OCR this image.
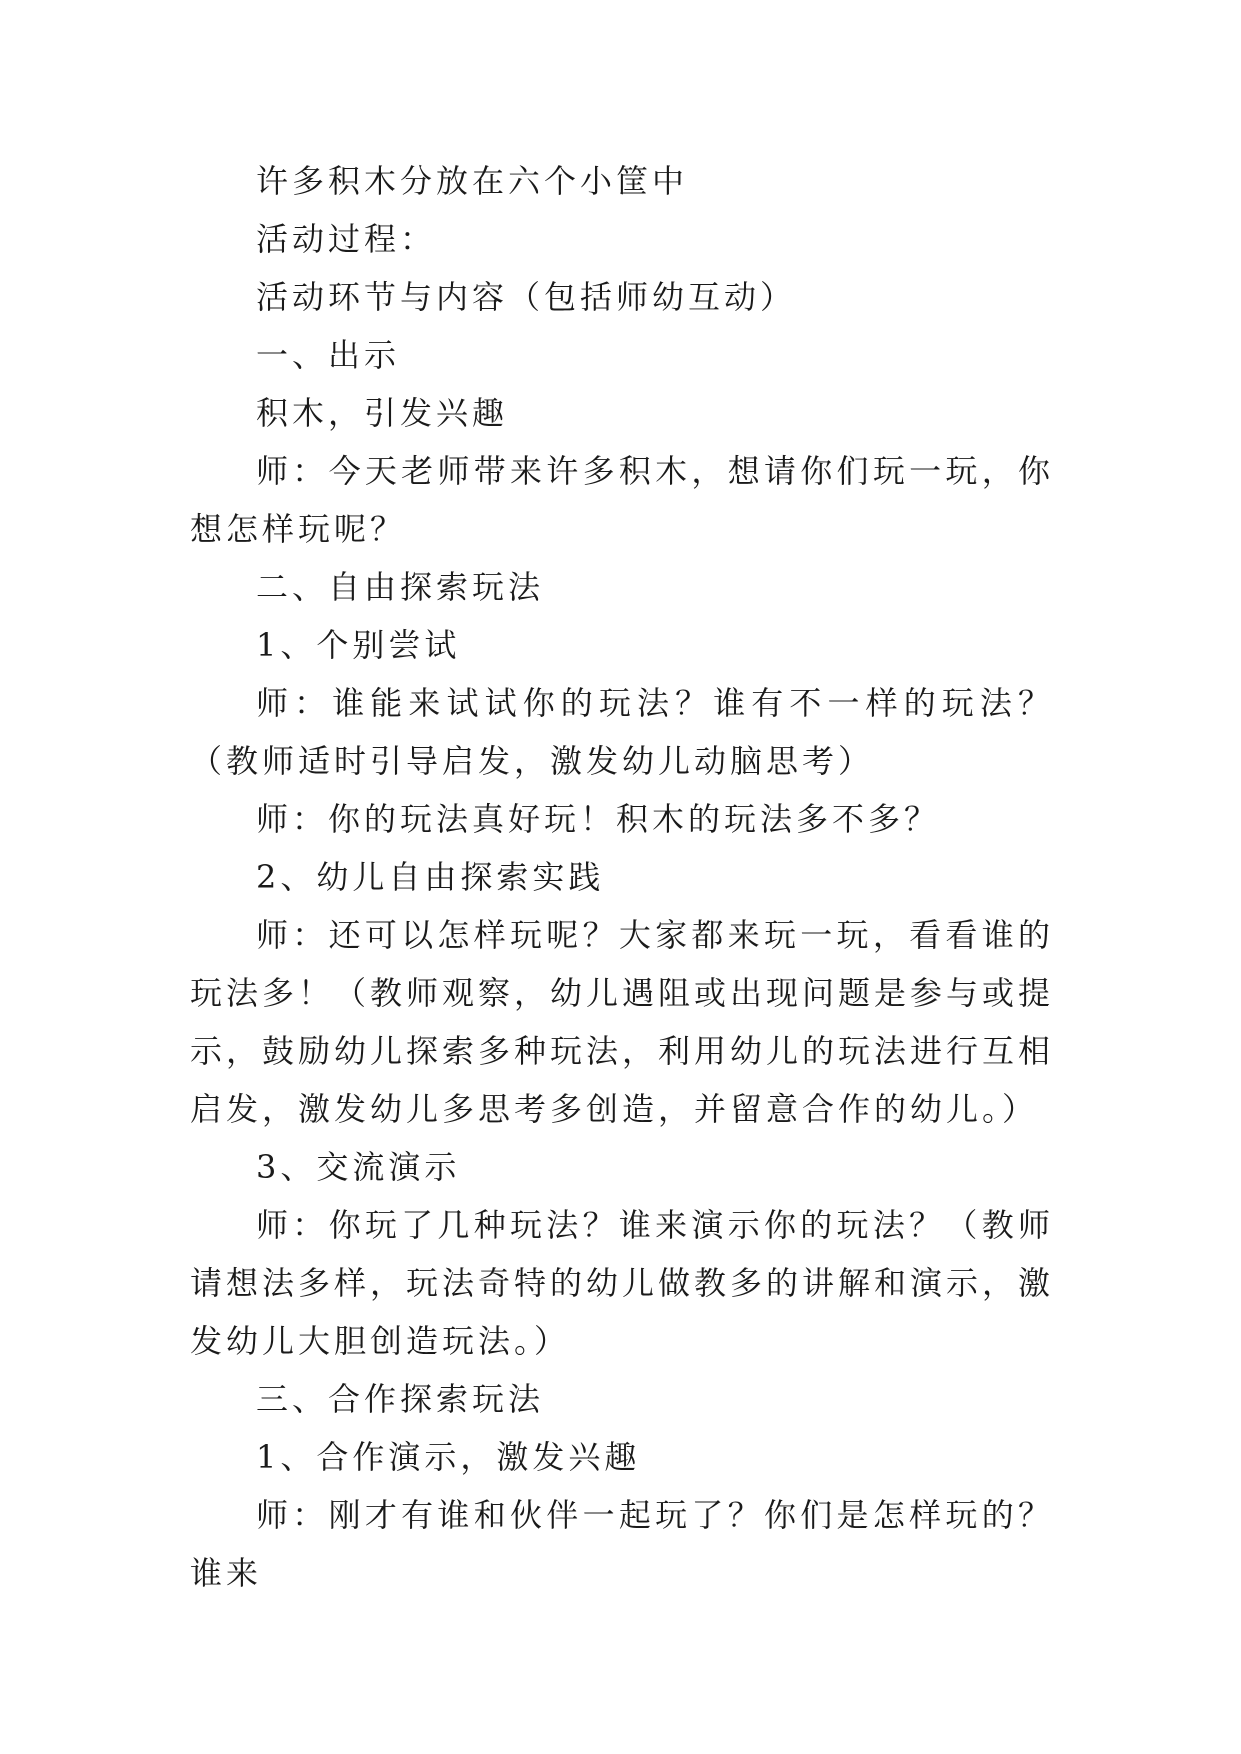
许多积木分放在六个小筐中

活动过程：

活动环节与内容（包括师幼互动）

一、出示

积木，引发兴趣

师：今天老师带来许多积木，想请你们玩一玩，你想怎样玩呢？

二、自由探索玩法

1、个别尝试

师：谁能来试试你的玩法？谁有不一样的玩法？（教师适时引导启发，激发幼儿动脑思考）

师：你的玩法真好玩！积木的玩法多不多？

2、幼儿自由探索实践

师：还可以怎样玩呢？大家都来玩一玩，看看谁的玩法多！（教师观察，幼儿遇阻或出现问题是参与或提示，鼓励幼儿探索多种玩法，利用幼儿的玩法进行互相启发，激发幼儿多思考多创造，并留意合作的幼儿。）

3、交流演示

师：你玩了几种玩法？谁来演示你的玩法？（教师请想法多样，玩法奇特的幼儿做教多的讲解和演示，激发幼儿大胆创造玩法。）

三、合作探索玩法

1、合作演示，激发兴趣

师：刚才有谁和伙伴一起玩了？你们是怎样玩的？谁来
